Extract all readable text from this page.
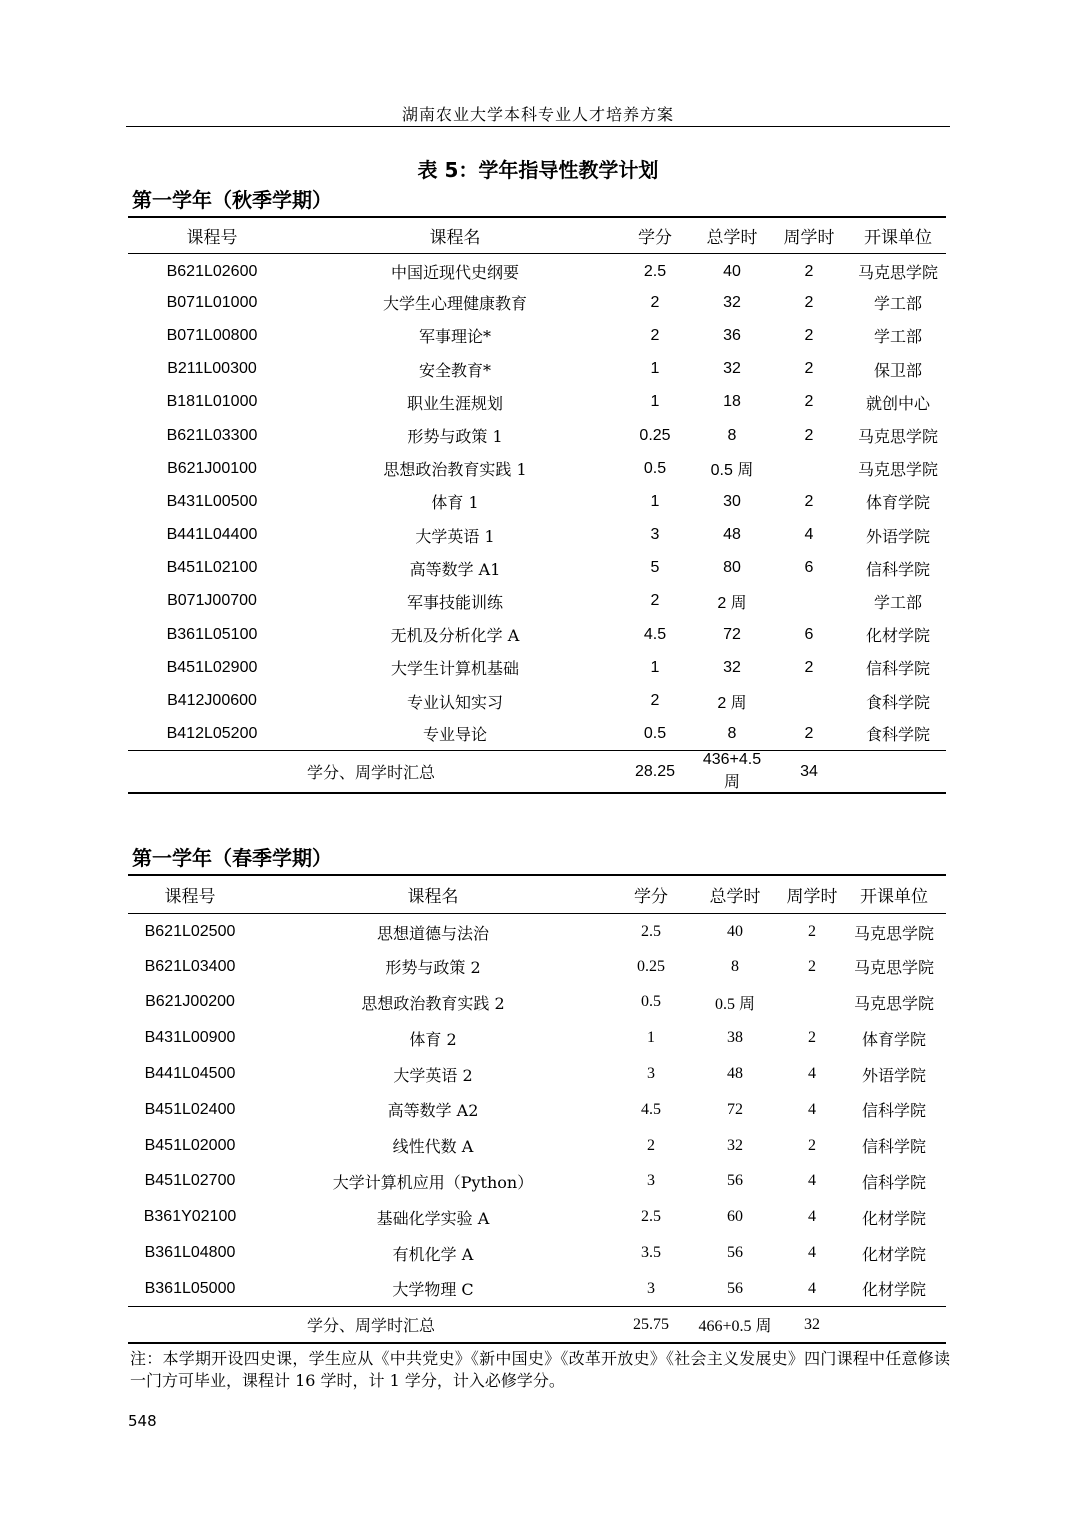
湖南农业大学本科专业人才培养方案
表 5：学年指导性教学计划
第一学年（秋季学期）
课程号	课程名	学分	总学时	周学时	开课单位
B621L02600	中国近现代史纲要	2.5	40	2	马克思学院
B071L01000	大学生心理健康教育	2	32	2	学工部
B071L00800	军事理论*	2	36	2	学工部
B211L00300	安全教育*	1	32	2	保卫部
B181L01000	职业生涯规划	1	18	2	就创中心
B621L03300	形势与政策 1	0.25	8	2	马克思学院
B621J00100	思想政治教育实践 1	0.5	0.5 周		马克思学院
B431L00500	体育 1	1	30	2	体育学院
B441L04400	大学英语 1	3	48	4	外语学院
B451L02100	高等数学 A1	5	80	6	信科学院
B071J00700	军事技能训练	2	2 周		学工部
B361L05100	无机及分析化学 A	4.5	72	6	化材学院
B451L02900	大学生计算机基础	1	32	2	信科学院
B412J00600	专业认知实习	2	2 周		食科学院
B412L05200	专业导论	0.5	8	2	食科学院
学分、周学时汇总		28.25	436+4.5 周	34	
第一学年（春季学期）
课程号	课程名	学分	总学时	周学时	开课单位
B621L02500	思想道德与法治	2.5	40	2	马克思学院
B621L03400	形势与政策 2	0.25	8	2	马克思学院
B621J00200	思想政治教育实践 2	0.5	0.5 周		马克思学院
B431L00900	体育 2	1	38	2	体育学院
B441L04500	大学英语 2	3	48	4	外语学院
B451L02400	高等数学 A2	4.5	72	4	信科学院
B451L02000	线性代数 A	2	32	2	信科学院
B451L02700	大学计算机应用（Python）	3	56	4	信科学院
B361Y02100	基础化学实验 A	2.5	60	4	化材学院
B361L04800	有机化学 A	3.5	56	4	化材学院
B361L05000	大学物理 C	3	56	4	化材学院
学分、周学时汇总		25.75	466+0.5 周	32	
注：本学期开设四史课，学生应从《中共党史》《新中国史》《改革开放史》《社会主义发展史》四门课程中任意修读一门方可毕业，课程计 16 学时，计 1 学分，计入必修学分。
548
